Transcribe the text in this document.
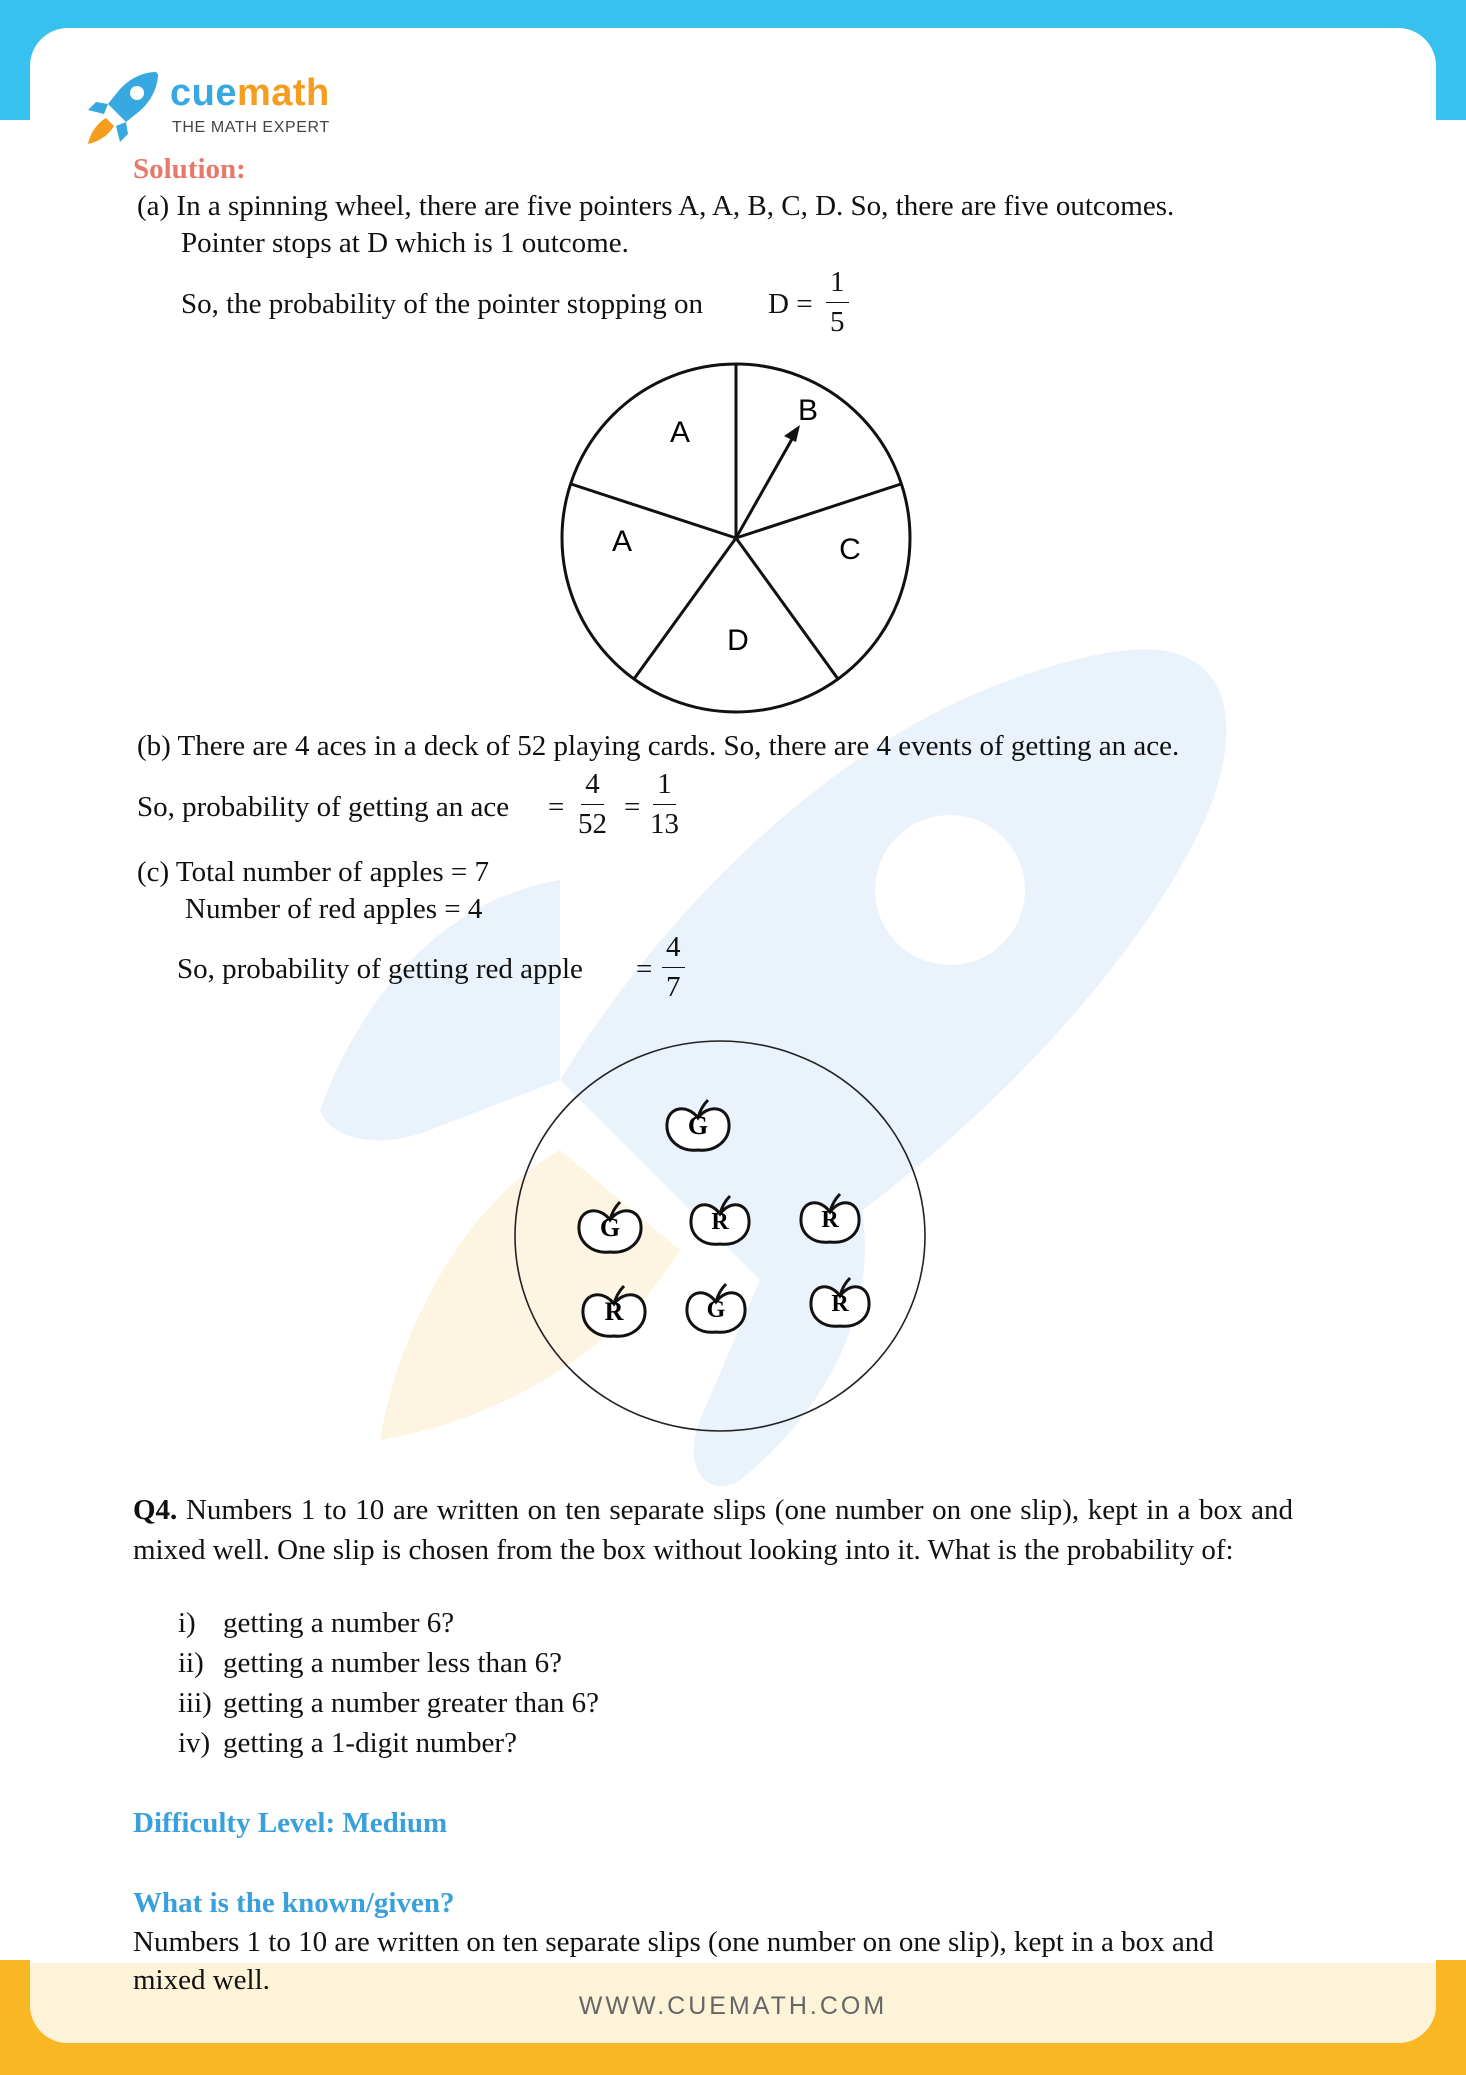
cuemath
THE MATH EXPERT
Solution:
(a) In a spinning wheel, there are five pointers A, A, B, C, D. So, there are five outcomes.
Pointer stops at D which is 1 outcome.
So, the probability of the pointer stopping on $D = \frac{1}{5}$
A
B
C
D
A
(b) There are 4 aces in a deck of 52 playing cards. So, there are 4 events of getting an ace.
So, probability of getting an ace = $\frac{4}{52} = \frac{1}{13}$
(c) Total number of apples = 7
Number of red apples = 4
So, probability of getting red apple = $\frac{4}{7}$
G
G	R	R
R	G	R
Q4. Numbers 1 to 10 are written on ten separate slips (one number on one slip), kept in a box and mixed well. One slip is chosen from the box without looking into it. What is the probability of:
i) getting a number 6?
ii) getting a number less than 6?
iii) getting a number greater than 6?
iv) getting a 1-digit number?
Difficulty Level: Medium
What is the known/given?
Numbers 1 to 10 are written on ten separate slips (one number on one slip), kept in a box and mixed well.
WWW.CUEMATH.COM
